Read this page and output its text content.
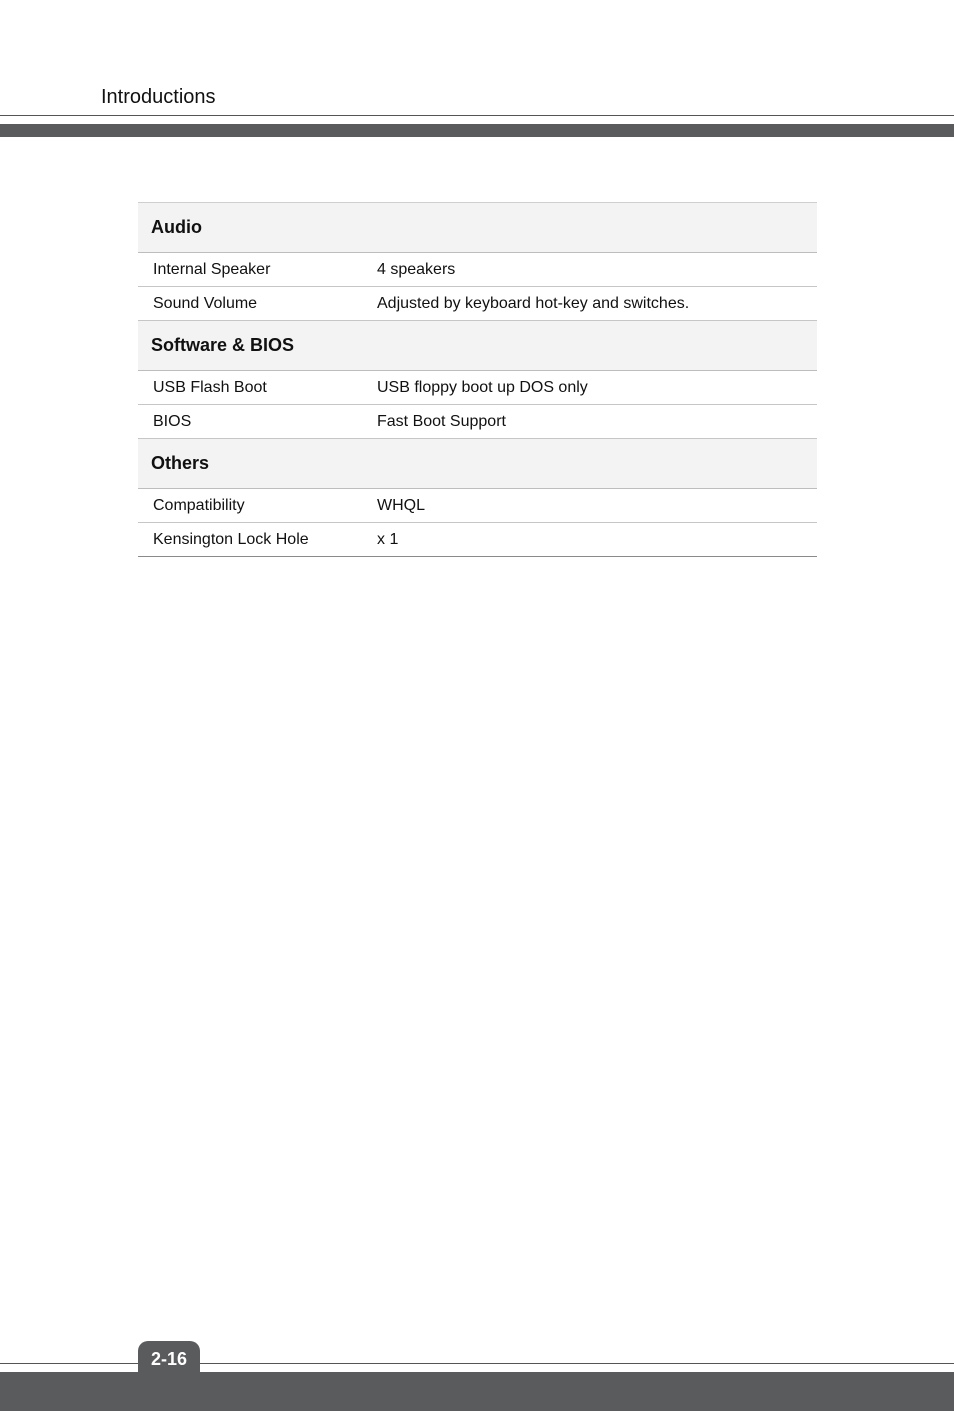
Introductions
Audio	
Internal Speaker	4 speakers
Sound Volume	Adjusted by keyboard hot-key and switches.
Software & BIOS	
USB Flash Boot	USB floppy boot up DOS only
BIOS	Fast Boot Support
Others	
Compatibility	WHQL
Kensington Lock Hole	x 1
2-16
